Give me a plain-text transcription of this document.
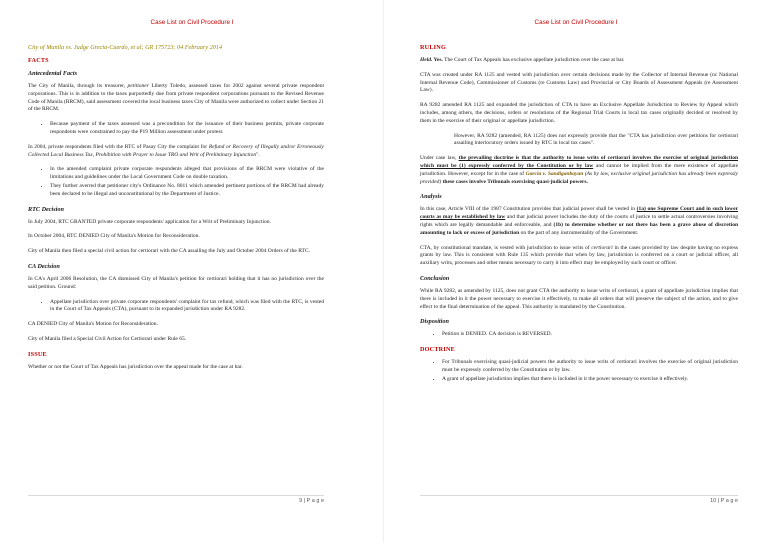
Case List on Civil Procedure I
City of Manila vs. Judge Grecia-Cuerdo, et al; GR 175723; 04 February 2014
FACTS
Antecedental Facts

The City of Manila, through its treasurer, petitioner Liberty Toledo, assessed taxes for 2002 against several private respondent corporations. This is in addition to the taxes purportedly due from private respondent corporations pursuant to the Revised Revenue Code of Manila (RRCM), said assessment covered the local business taxes City of Manila were authorized to collect under Section 21 of the RRCM.

• Because payment of the taxes assessed was a precondition for the issuance of their business permits, private corporate respondents were constrained to pay the P19 Million assessment under protest.

In 2004, private respondents filed with the RTC of Pasay City the complaint for Refund or Recovery of Illegally and/or Erroneously Collected Local Business Tax, Prohibition with Prayer to Issue TRO and Writ of Preliminary Injunction".

• In the amended complaint private corporate respondents alleged that provisions of the RRCM were violative of the limitations and guidelines under the Local Government Code on double taxation.
• They further averred that petitioner city's Ordinance No. 8011 which amended pertinent portions of the RRCM had already been declared to be illegal and unconstitutional by the Department of Justice.
RTC Decision

In July 2004, RTC GRANTED private corporate respondents' application for a Writ of Preliminary Injunction.

In October 2004, RTC DENIED City of Manila's Motion for Reconsideration.

City of Manila then filed a special civil action for certiorari with the CA assailing the July and October 2004 Orders of the RTC.

CA Decision

In CA's April 2006 Resolution, the CA dismissed City of Manila's petition for certiorari holding that it has no jurisdiction over the said petition. Ground:

• Appellate jurisdiction over private corporate respondents' complaint for tax refund, which was filed with the RTC, is vested in the Court of Tax Appeals (CTA), pursuant to its expanded jurisdiction under RA 9282.

CA DENIED City of Manila's Motion for Reconsideration.

City of Manila filed a Special Civil Action for Certiorari under Rule 65.

ISSUE

Whether or not the Court of Tax Appeals has jurisdiction over the appeal made for the case at bar.

9 | P a g e
Case List on Civil Procedure I
RULING

Held. Yes. The Court of Tax Appeals has exclusive appellate jurisdiction over the case at bar.

CTA was created under RA 1125 and vested with jurisdiction over certain decisions made by the Collector of Internal Revenue (nc National Internal Revenue Code), Commissioner of Customs (re Customs Law) and Provincial or City Boards of Assessment Appeals (re Assessment Law).

RA 9282 amended RA 1125 and expanded the jurisdiction of CTA to have an Exclusive Appellate Jurisdiction to Review by Appeal which includes, among others, the decisions, orders or resolutions of the Regional Trial Courts in local tax cases originally decided or resolved by them in the exercise of their original or appellate jurisdiction.

However, RA 9282 (amended, RA 1125) does not expressly provide that the "CTA has jurisdiction over petitions for certiorari assailing interlocutory orders issued by RTC in local tax cases".

Under case law, the prevailing doctrine is that the authority to issue writs of certiorari involves the exercise of original jurisdiction which must be (1) expressly conferred by the Constitution or by law and cannot be implied from the mere existence of appellate jurisdiction. However, except for in the case of Garcia v. Sandiganbayan (As by law, exclusive original jurisdiction has already been expressly provided) these cases involve Tribunals exercising quasi-judicial powers.

Analysis

In this case, Article VIII of the 1987 Constitution provides that judicial power shall be vested in (1a) one Supreme Court and in such lower courts as may be established by law and that judicial power includes the duty of the courts of justice to settle actual controversies involving rights which are legally demandable and enforceable, and (1b) to determine whether or not there has been a grave abuse of discretion amounting to lack or excess of jurisdiction on the part of any instrumentality of the Government.

CTA, by constitutional mandate, is vested with jurisdiction to issue writs of certiorari in the cases provided by law despite having no express grants by law. This is consistent with Rule 135 which provide that when by law, jurisdiction is conferred on a court or judicial officer, all auxiliary writs, processes and other means necessary to carry it into effect may be employed by such court or officer.

Conclusion

While RA 9282, as amended by 1125, does not grant CTA the authority to issue writs of certiorari, a grant of appellate jurisdiction implies that there is included in it the power necessary to exercise it effectively, to make all orders that will preserve the subject of the action, and to give effect to the final determination of the appeal. This authority is mandated by the Constitution.

Disposition
• Petition is DENIED. CA decision is REVERSED.
DOCTRINE
• For Tribunals exercising quasi-judicial powers the authority to issue writs of certiorari involves the exercise of original jurisdiction must be expressly conferred by the Constitution or by law.
• A grant of appellate jurisdiction implies that there is included in it the power necessary to exercise it effectively.
10 | P a g e
